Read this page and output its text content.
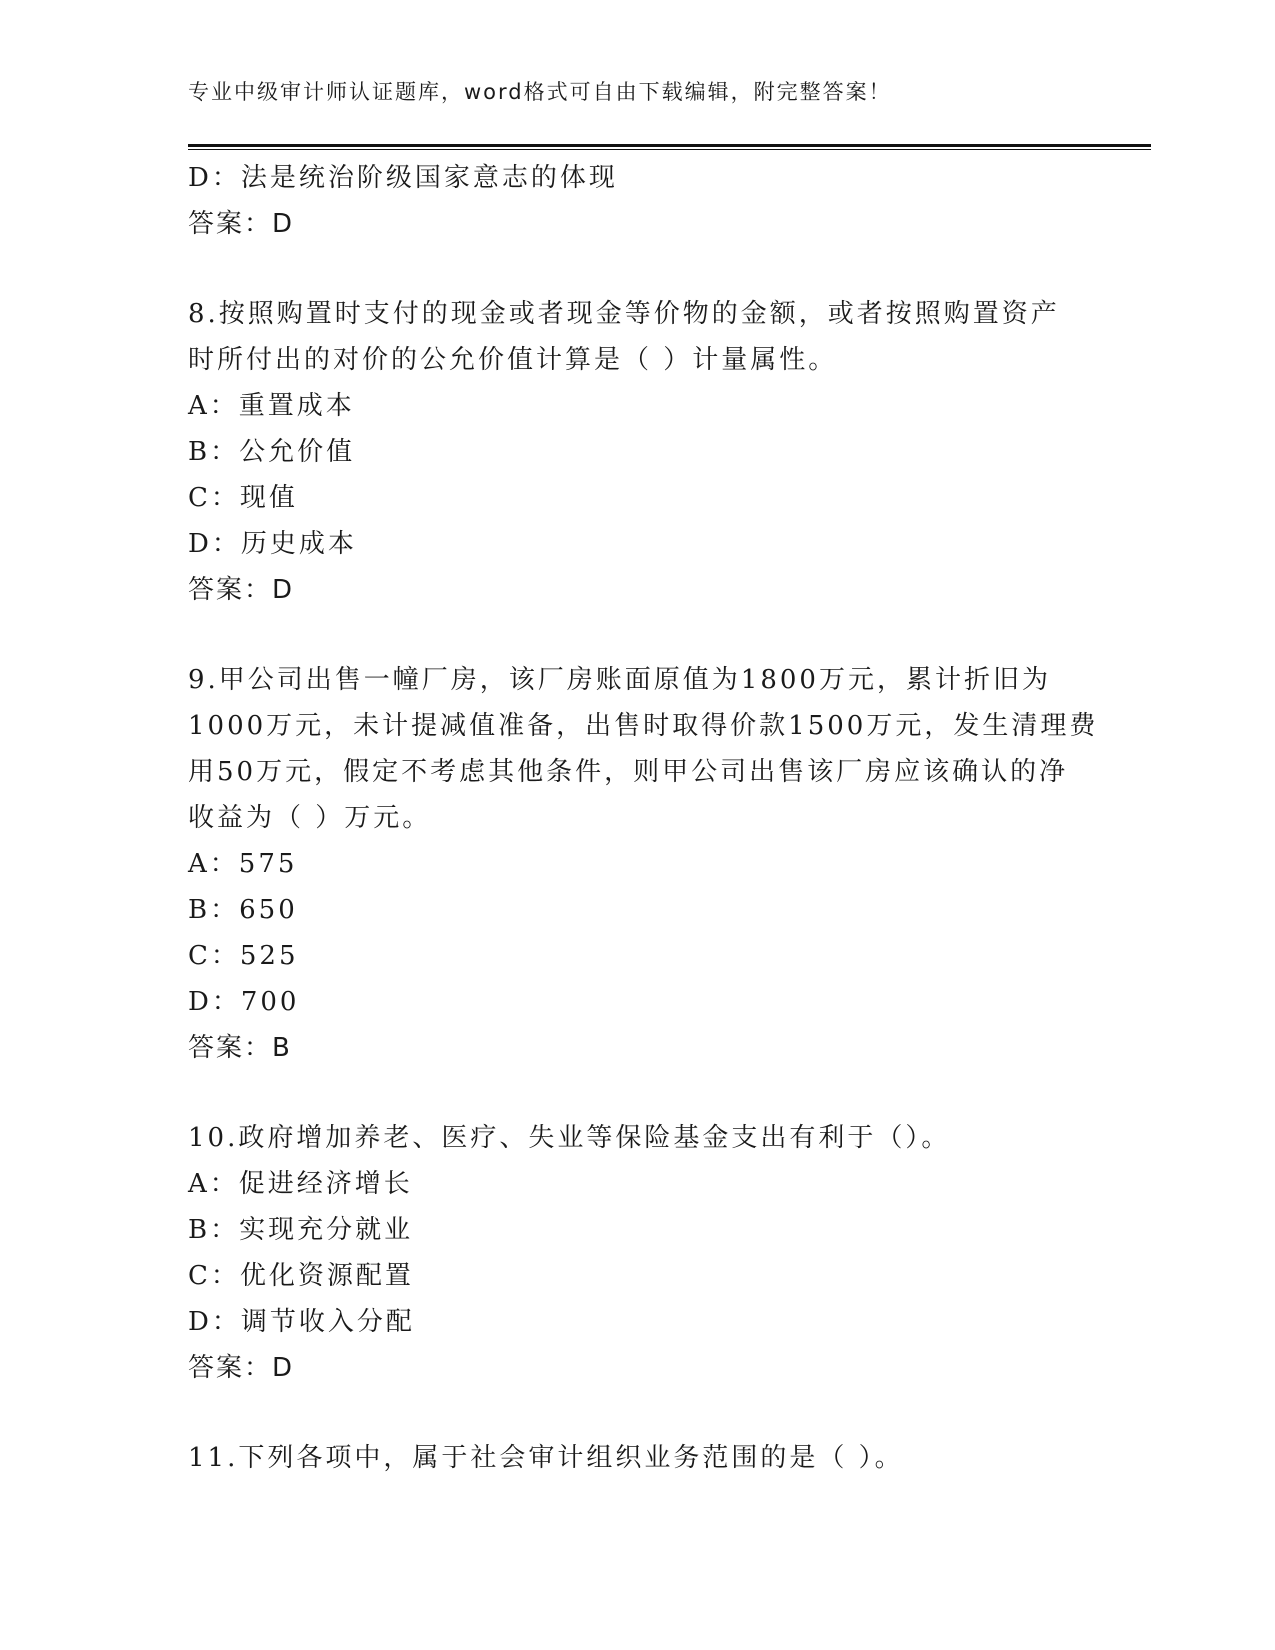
专业中级审计师认证题库，word格式可自由下载编辑，附完整答案！
D：法是统治阶级国家意志的体现
答案：D
8.按照购置时支付的现金或者现金等价物的金额，或者按照购置资产
时所付出的对价的公允价值计算是（ ）计量属性。
A：重置成本
B：公允价值
C：现值
D：历史成本
答案：D
9.甲公司出售一幢厂房，该厂房账面原值为1800万元，累计折旧为
1000万元，未计提减值准备，出售时取得价款1500万元，发生清理费
用50万元，假定不考虑其他条件，则甲公司出售该厂房应该确认的净
收益为（ ）万元。
A：575
B：650
C：525
D：700
答案：B
10.政府增加养老、医疗、失业等保险基金支出有利于（）。
A：促进经济增长
B：实现充分就业
C：优化资源配置
D：调节收入分配
答案：D
11.下列各项中，属于社会审计组织业务范围的是（ ）。
